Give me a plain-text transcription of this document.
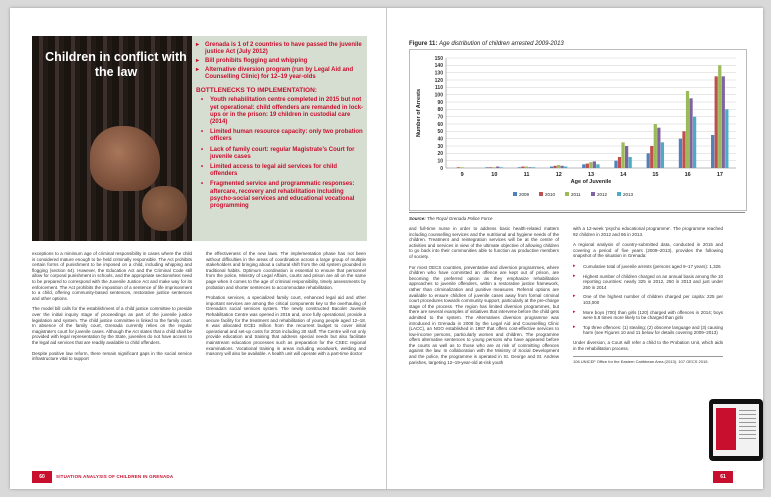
Children in conflict with the law
▸ Grenada is 1 of 2 countries to have passed the juvenile justice Act (July 2012)
▸ Bill prohibits flogging and whipping
▸ Alternative diversion program (run by Legal Aid and Counselling Clinic) for 12–19 year-olds
BOTTLENECKS TO IMPLEMENTATION:
• Youth rehabilitation centre completed in 2015 but not yet operational: child offenders are remanded in lock-ups or in the prison: 19 children in custodial care (2014)
• Limited human resource capacity: only two probation officers
• Lack of family court: regular Magistrate’s Court for juvenile cases
• Limited access to legal aid services for child offenders
• Fragmented service and programmatic responses: aftercare, recovery and rehabilitation including psycho-social services and educational vocational programming

exceptions to a minimum age of criminal responsibility in cases where the child is considered mature enough to be held criminally responsible. The Act prohibits certain forms of punishment to be imposed on a child, including whipping and flogging (section 64). However, the Education Act and the Criminal Code still allow for corporal punishment in schools, and the appropriate sections/text need to be prepared to correspond with the Juvenile Justice Act and make way for its enforcement. The Act prohibits the imposition of a sentence of life imprisonment to a child, offering community-based sentences, restorative justice sentences and other options.

The model bill calls for the establishment of a child justice committee to preside over the initial inquiry stage of proceedings as part of the juvenile justice legislation and system. The child justice committee is linked to the family court. In absence of the family court, Grenada currently relies on the regular magistrate’s court for juvenile cases. Although the Act states that a child shall be provided with legal representation by the State, juveniles do not have access to the legal aid services that are readily available to child offenders.

Despite positive law reform, there remain significant gaps in the social service infrastructure vital to support

the effectiveness of the new laws. The implementation phase has not been without difficulties in the areas of coordination across a large group of multiple stakeholders and bringing about a cultural shift from the old system grounded in traditional habits. Optimum coordination is essential to ensure that personnel from the police, Ministry of Legal Affairs, courts and prison are all on the same page when it comes to the age of criminal responsibility, timely assessments by probation and shorter sentences to accommodate rehabilitation.

Probation services, a specialized family court, enhanced legal aid and other important services are among the critical components key to the overhauling of Grenada’s social services system. The newly constructed Bacolet Juvenile Rehabilitation Centre was opened in 2016 and, once fully operational, provide a secure facility for the treatment and rehabilitation of young people aged 12–18. It was allocated EC$1 million from the recurrent budget to cover initial operational and set-up costs for 2016 including 30 staff. The Centre will not only provide education and training that address special needs but also facilitate mainstream education processes such as preparation for the CSEC regional examinations. Vocational training in areas including woodwork, welding and masonry will also be available. A health unit will operate with a part-time doctor

60	SITUATION ANALYSIS OF CHILDREN IN GRENADA
Figure 11: Age distribution of children arrested 2009-2013
0
10
20
30
40
50
60
70
80
90
100
110
120
130
140
150
9	10	11	12	13	14	15	16	17
Age of Juvenile
Number of Arrests
2009	2010	2011	2012	2013
Source: The Royal Grenada Police Force

and full-time nurse in order to address basic health-related matters including counselling services and the nutritional and hygiene needs of the children. Treatment and reintegration services will be at the centre of activities and services in view of the ultimate objective of allowing children to go back into their communities able to function as productive members of society.

For most OECS countries, preventative and diversion programmes, where children who have committed an offence are kept out of prison, are becoming the preferred option as they emphasize rehabilitation approaches to juvenile offenders, within a restorative justice framework, rather than criminalization and punitive measures. Referral options are available to ensure children of juvenile cases away from formal criminal court procedures towards community support, particularly at the pre-charge stage of the process. The region has limited diversion programmes, but there are several examples of initiatives that intervene before the child gets admitted to the system. The Alternatives diversion programme was introduced in Grenada in 2008 by the Legal Aid and Counselling Clinic (LACC), an NGO established in 1987 that offers cost-effective services to low-income persons, particularly women and children. The programme offers alternative sentences to young persons who have appeared before the courts as well as to those who are at risk of committing offences against the law. In collaboration with the Ministry of Social Development and the police, the programme is operated in St. George and St. Andrew parishes, targeting 12–19-year-old at-risk youth

with a 12-week ‘psycho educational programme’. The programme reached 92 children in 2012 and 86 in 2013.

A regional analysis of country-submitted data, conducted in 2015 and covering a period of five years (2009–2013), provides the following snapshot of the situation in Grenada:

▸ Cumulative total of juvenile arrests (persons aged 9–17 years): 1,326
▸ Highest number of children charged on an annual basis among the 10 reporting countries: nearly 325 in 2012, 250 in 2013 and just under 250 in 2014
▸ One of the highest number of children charged per capita: 225 per 103,000
▸ More boys (700) than girls (120) charged with offences in 2014; boys were 5.8 times more likely to be charged than girls
▸ Top three offences: (1) stealing; (2) obscene language and (3) causing harm (see Figures 10 and 11 below for details covering 2009–2013)

Under diversion, a Court will refer a child to the Probation Unit, which aids in the rehabilitation process.

106 UNICEF Office for the Eastern Caribbean Area (2013). 107 OECS 2015.
61
